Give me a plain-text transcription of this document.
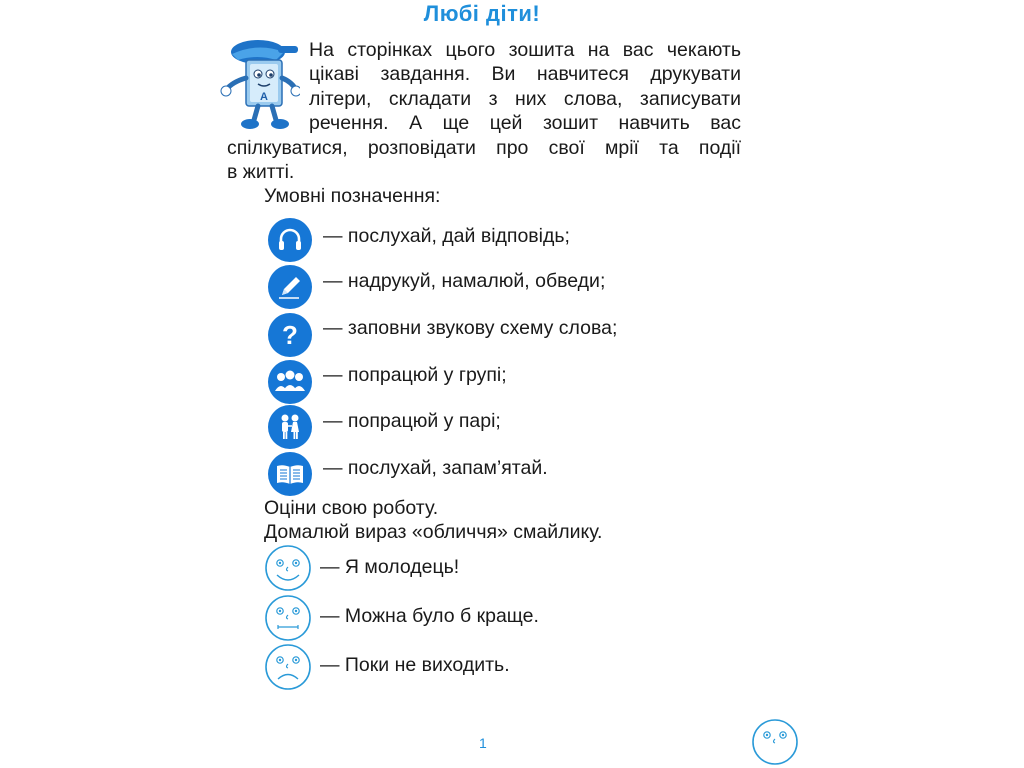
Любі діти!
A
На сторінках цього зошита на вас чекають
цікаві завдання. Ви навчитеся друкувати
літери, складати з них слова, записувати
речення. А ще цей зошит навчить вас
спілкуватися, розповідати про свої мрії та події
в житті.
Умовні позначення:
— послухай, дай відповідь;
— надрукуй, намалюй, обведи;
? — заповни звукову схему слова;
— попрацюй у групі;
— попрацюй у парі;
— послухай, запам’ятай.
Оціни свою роботу.
Домалюй вираз «обличчя» смайлику.
— Я молодець!
— Можна було б краще.
— Поки не виходить.
1
